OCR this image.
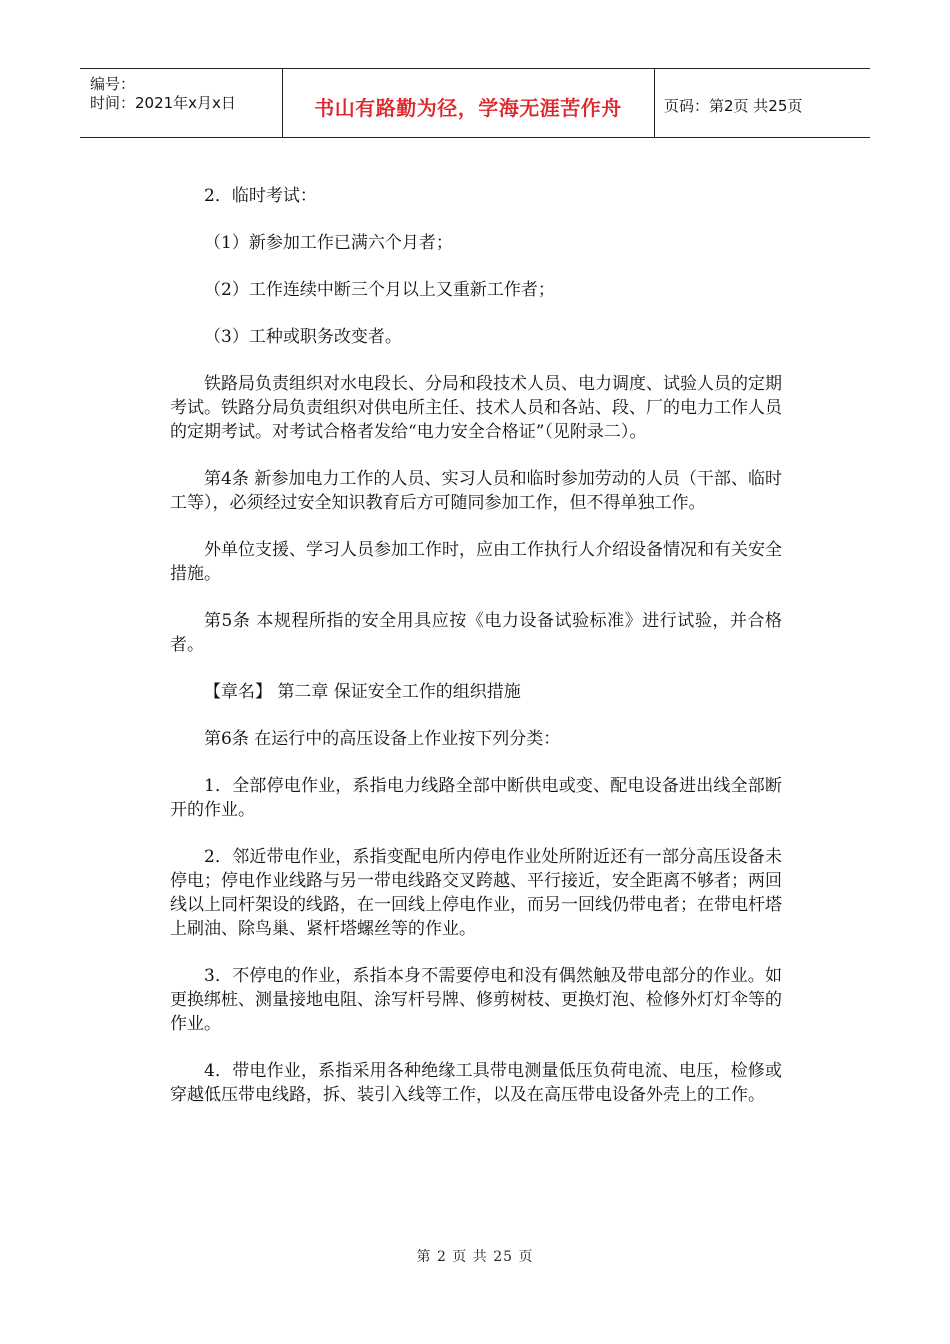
编号：
时间：2021年x月x日	书山有路勤为径，学海无涯苦作舟	页码：第2页 共25页

2．临时考试：

（1）新参加工作已满六个月者；

（2）工作连续中断三个月以上又重新工作者；

（3）工种或职务改变者。

铁路局负责组织对水电段长、分局和段技术人员、电力调度、试验人员的定期考试。铁路分局负责组织对供电所主任、技术人员和各站、段、厂的电力工作人员的定期考试。对考试合格者发给“电力安全合格证”（见附录二）。

第4条 新参加电力工作的人员、实习人员和临时参加劳动的人员（干部、临时工等），必须经过安全知识教育后方可随同参加工作，但不得单独工作。

外单位支援、学习人员参加工作时，应由工作执行人介绍设备情况和有关安全措施。

第5条 本规程所指的安全用具应按《电力设备试验标准》进行试验，并合格者。

【章名】 第二章 保证安全工作的组织措施

第6条 在运行中的高压设备上作业按下列分类：

1．全部停电作业，系指电力线路全部中断供电或变、配电设备进出线全部断开的作业。

2．邻近带电作业，系指变配电所内停电作业处所附近还有一部分高压设备未停电；停电作业线路与另一带电线路交叉跨越、平行接近，安全距离不够者；两回线以上同杆架设的线路，在一回线上停电作业，而另一回线仍带电者；在带电杆塔上刷油、除鸟巢、紧杆塔螺丝等的作业。

3．不停电的作业，系指本身不需要停电和没有偶然触及带电部分的作业。如更换绑桩、测量接地电阻、涂写杆号牌、修剪树枝、更换灯泡、检修外灯灯伞等的作业。

4．带电作业，系指采用各种绝缘工具带电测量低压负荷电流、电压，检修或穿越低压带电线路，拆、装引入线等工作，以及在高压带电设备外壳上的工作。

第 2 页 共 25 页
